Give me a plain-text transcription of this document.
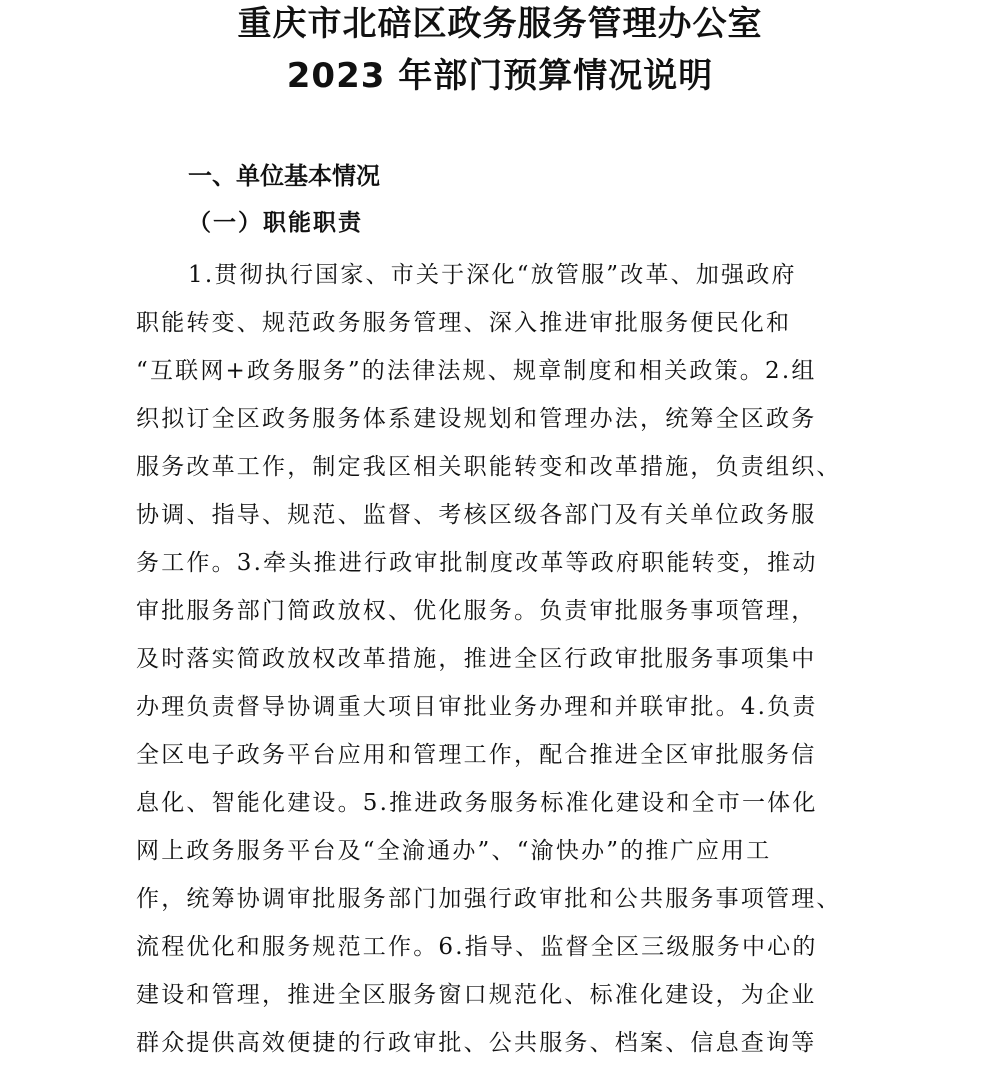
重庆市北碚区政务服务管理办公室
2023 年部门预算情况说明
一、单位基本情况
（一）职能职责
1.贯彻执行国家、市关于深化“放管服”改革、加强政府
职能转变、规范政务服务管理、深入推进审批服务便民化和
“互联网+政务服务”的法律法规、规章制度和相关政策。2.组
织拟订全区政务服务体系建设规划和管理办法，统筹全区政务
服务改革工作，制定我区相关职能转变和改革措施，负责组织、
协调、指导、规范、监督、考核区级各部门及有关单位政务服
务工作。3.牵头推进行政审批制度改革等政府职能转变，推动
审批服务部门简政放权、优化服务。负责审批服务事项管理，
及时落实简政放权改革措施，推进全区行政审批服务事项集中
办理负责督导协调重大项目审批业务办理和并联审批。4.负责
全区电子政务平台应用和管理工作，配合推进全区审批服务信
息化、智能化建设。5.推进政务服务标准化建设和全市一体化
网上政务服务平台及“全渝通办”、“渝快办”的推广应用工
作，统筹协调审批服务部门加强行政审批和公共服务事项管理、
流程优化和服务规范工作。6.指导、监督全区三级服务中心的
建设和管理，推进全区服务窗口规范化、标准化建设，为企业
群众提供高效便捷的行政审批、公共服务、档案、信息查询等
